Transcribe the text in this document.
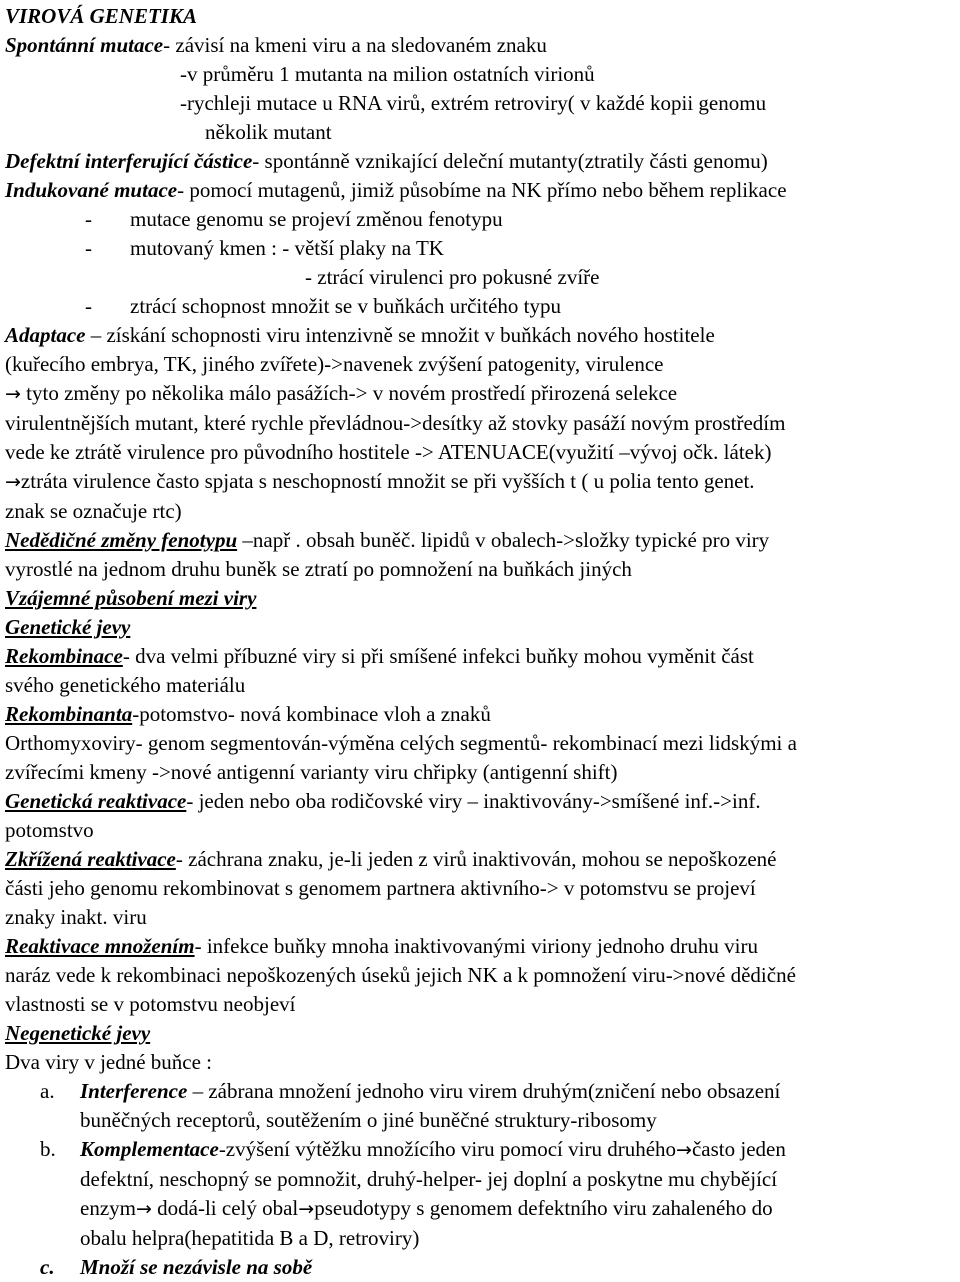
VIROVÁ GENETIKA
Spontánní mutace- závisí na kmeni viru a na sledovaném znaku
-v průměru 1 mutanta na milion ostatních virionů
-rychleji mutace u RNA virů, extrém retroviry( v každé kopii genomu
několik mutant
Defektní interferující částice- spontánně vznikající deleční mutanty(ztratily části genomu)
Indukované mutace- pomocí mutagenů, jimiž působíme na NK přímo nebo během replikace
- mutace genomu se projeví změnou fenotypu
- mutovaný kmen : - větší plaky na TK
- ztrácí virulenci pro pokusné zvíře
- ztrácí schopnost množit se v buňkách určitého typu
Adaptace – získání schopnosti viru intenzivně se množit v buňkách nového hostitele
(kuřecího embrya, TK, jiného zvířete)->navenek zvýšení patogenity, virulence
→ tyto změny po několika málo pasážích-> v novém prostředí přirozená selekce
virulentnějších mutant, které rychle převládnou->desítky až stovky pasáží novým prostředím
vede ke ztrátě virulence pro původního hostitele -> ATENUACE(využití –vývoj očk. látek)
→ztráta virulence často spjata s neschopností množit se při vyšších t ( u polia tento genet.
znak se označuje rtc)
Nedědičné změny fenotypu –např . obsah buněč. lipidů v obalech->složky typické pro viry
vyrostlé na jednom druhu buněk se ztratí po pomnožení na buňkách jiných
Vzájemné působení mezi viry
Genetické jevy
Rekombinace- dva velmi příbuzné viry si při smíšené infekci buňky mohou vyměnit část
svého genetického materiálu
Rekombinanta-potomstvo- nová kombinace vloh a znaků
Orthomyxoviry- genom segmentován-výměna celých segmentů- rekombinací mezi lidskými a
zvířecími kmeny ->nové antigenní varianty viru chřipky (antigenní shift)
Genetická reaktivace- jeden nebo oba rodičovské viry – inaktivovány->smíšené inf.->inf.
potomstvo
Zkřížená reaktivace- záchrana znaku, je-li jeden z virů inaktivován, mohou se nepoškozené
části jeho genomu rekombinovat s genomem partnera aktivního-> v potomstvu se projeví
znaky inakt. viru
Reaktivace množením- infekce buňky mnoha inaktivovanými viriony jednoho druhu viru
naráz vede k rekombinaci nepoškozených úseků jejich NK a k pomnožení viru->nové dědičné
vlastnosti se v potomstvu neobjeví
Negenetické jevy
Dva viry v jedné buňce :
a. Interference – zábrana množení jednoho viru virem druhým(zničení nebo obsazení
buněčných receptorů, soutěžením o jiné buněčné struktury-ribosomy
b. Komplementace-zvýšení výtěžku množícího viru pomocí viru druhého→často jeden
defektní, neschopný se pomnožit, druhý-helper- jej doplní a poskytne mu chybějící
enzym→ dodá-li celý obal→pseudotypy s genomem defektního viru zahaleného do
obalu helpra(hepatitida B a D, retroviry)
c. Množí se nezávisle na sobě
